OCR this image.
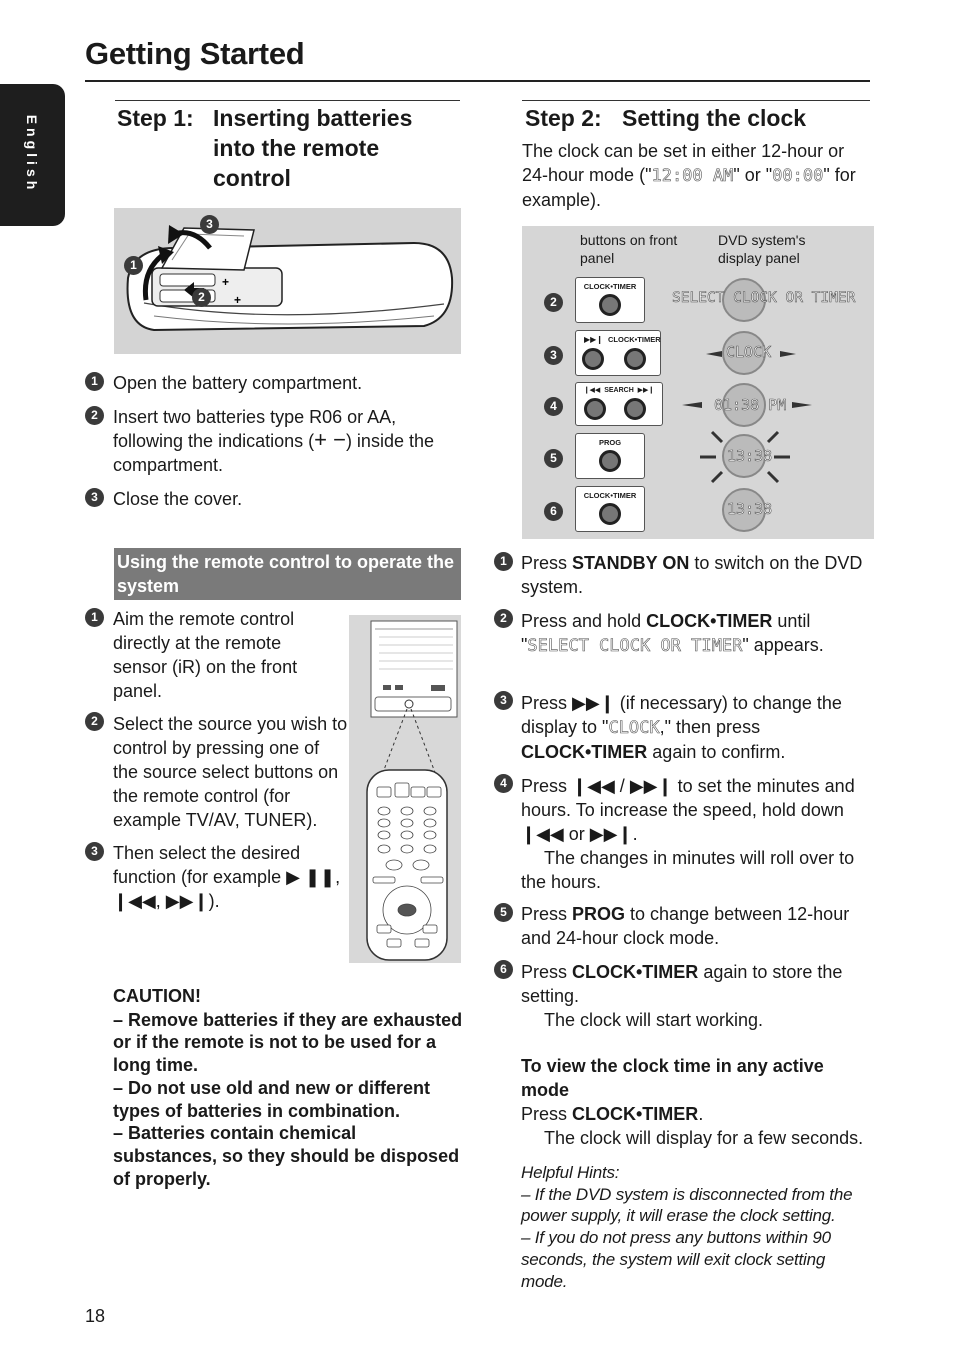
Getting Started
English	Step 1: Inserting batteries into the remote control
+
+
1
2
3
1 Open the battery compartment.
2 Insert two batteries type R06 or AA, following the indications (+ −) inside the compartment.
3 Close the cover.
Using the remote control to operate the system
1 Aim the remote control directly at the remote sensor (iR) on the front panel.
2 Select the source you wish to control by pressing one of the source select buttons on the remote control (for example TV/AV, TUNER).
3 Then select the desired function (for example ▶ ❚❚, ❙◀◀, ▶▶❙).
CAUTION!
– Remove batteries if they are exhausted or if the remote is not to be used for a long time.
– Do not use old and new or different types of batteries in combination.
– Batteries contain chemical substances, so they should be disposed of properly.
Step 2: Setting the clock
The clock can be set in either 12-hour or 24-hour mode ("12:00 AM" or "00:00" for example).
buttons on front panel
DVD system's display panel
2
CLOCK•TIMER
SELECT CLOCK OR TIMER
3
▶▶❙ CLOCK•TIMER
CLOCK
4
❙◀◀  SEARCH  ▶▶❙
01:38 PM
5
PROG
13:38
6
CLOCK•TIMER
13:38
1 Press STANDBY ON to switch on the DVD system.
2 Press and hold CLOCK•TIMER until "SELECT CLOCK OR TIMER" appears.
3 Press ▶▶❙ (if necessary) to change the display to "CLOCK," then press CLOCK•TIMER again to confirm.
4 Press ❙◀◀ / ▶▶❙ to set the minutes and hours. To increase the speed, hold down ❙◀◀ or ▶▶❙.
The changes in minutes will roll over to the hours.
5 Press PROG to change between 12-hour and 24-hour clock mode.
6 Press CLOCK•TIMER again to store the setting.
The clock will start working.
To view the clock time in any active mode
Press CLOCK•TIMER.
The clock will display for a few seconds.
Helpful Hints:
– If the DVD system is disconnected from the power supply, it will erase the clock setting.
– If you do not press any buttons within 90 seconds, the system will exit clock setting mode.
18
